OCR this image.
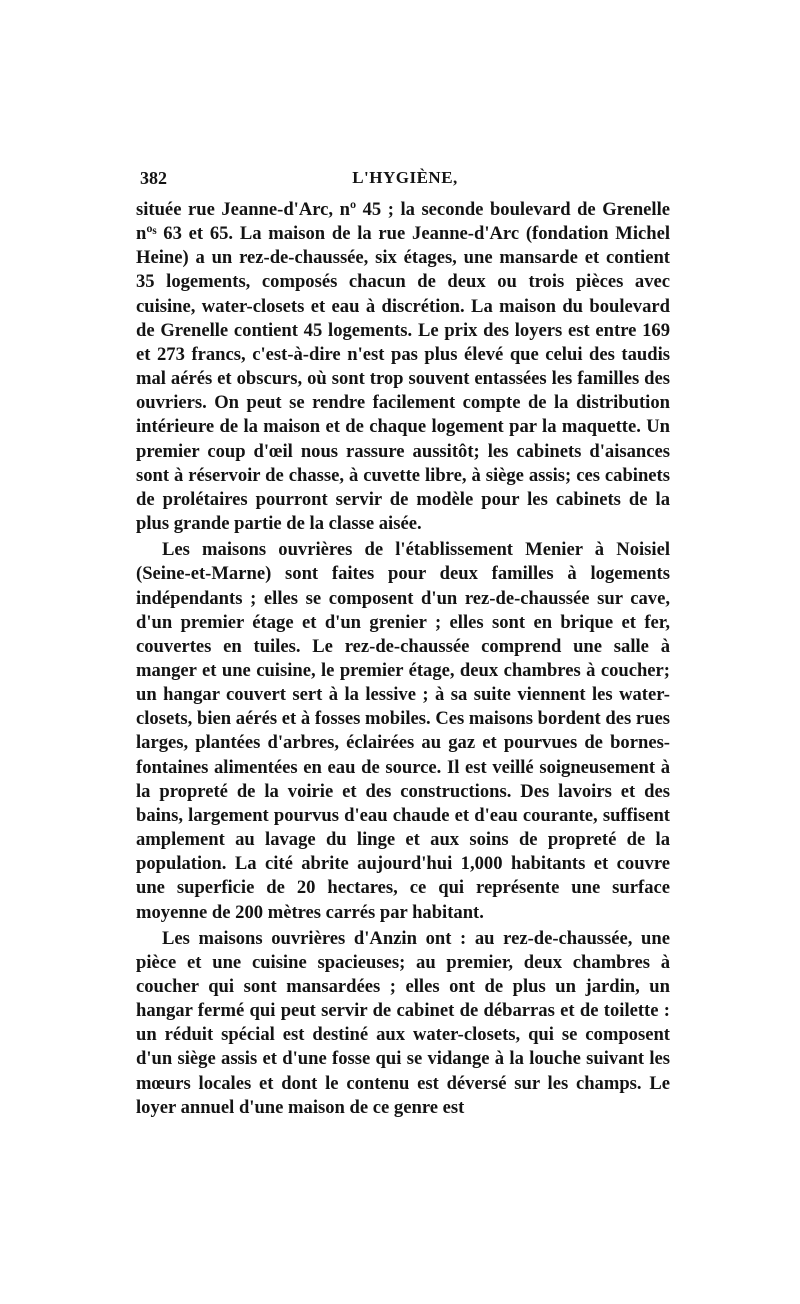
382	L'HYGIÈNE,

située rue Jeanne-d'Arc, nº 45 ; la seconde boulevard de Grenelle nºˢ 63 et 65. La maison de la rue Jeanne-d'Arc (fondation Michel Heine) a un rez-de-chaussée, six étages, une mansarde et contient 35 logements, composés chacun de deux ou trois pièces avec cuisine, water-closets et eau à discrétion. La maison du boulevard de Grenelle contient 45 logements. Le prix des loyers est entre 169 et 273 francs, c'est-à-dire n'est pas plus élevé que celui des taudis mal aérés et obscurs, où sont trop souvent entassées les familles des ouvriers. On peut se rendre facilement compte de la distribution intérieure de la maison et de chaque logement par la maquette. Un premier coup d'œil nous rassure aussitôt; les cabinets d'aisances sont à réservoir de chasse, à cuvette libre, à siège assis; ces cabinets de prolétaires pourront servir de modèle pour les cabinets de la plus grande partie de la classe aisée.

Les maisons ouvrières de l'établissement Menier à Noisiel (Seine-et-Marne) sont faites pour deux familles à logements indépendants ; elles se composent d'un rez-de-chaussée sur cave, d'un premier étage et d'un grenier ; elles sont en brique et fer, couvertes en tuiles. Le rez-de-chaussée comprend une salle à manger et une cuisine, le premier étage, deux chambres à coucher; un hangar couvert sert à la lessive ; à sa suite viennent les water-closets, bien aérés et à fosses mobiles. Ces maisons bordent des rues larges, plantées d'arbres, éclairées au gaz et pourvues de bornes-fontaines alimentées en eau de source. Il est veillé soigneusement à la propreté de la voirie et des constructions. Des lavoirs et des bains, largement pourvus d'eau chaude et d'eau courante, suffisent amplement au lavage du linge et aux soins de propreté de la population. La cité abrite aujourd'hui 1,000 habitants et couvre une superficie de 20 hectares, ce qui représente une surface moyenne de 200 mètres carrés par habitant.

Les maisons ouvrières d'Anzin ont : au rez-de-chaussée, une pièce et une cuisine spacieuses; au premier, deux chambres à coucher qui sont mansardées ; elles ont de plus un jardin, un hangar fermé qui peut servir de cabinet de débarras et de toilette : un réduit spécial est destiné aux water-closets, qui se composent d'un siège assis et d'une fosse qui se vidange à la louche suivant les mœurs locales et dont le contenu est déversé sur les champs. Le loyer annuel d'une maison de ce genre est
